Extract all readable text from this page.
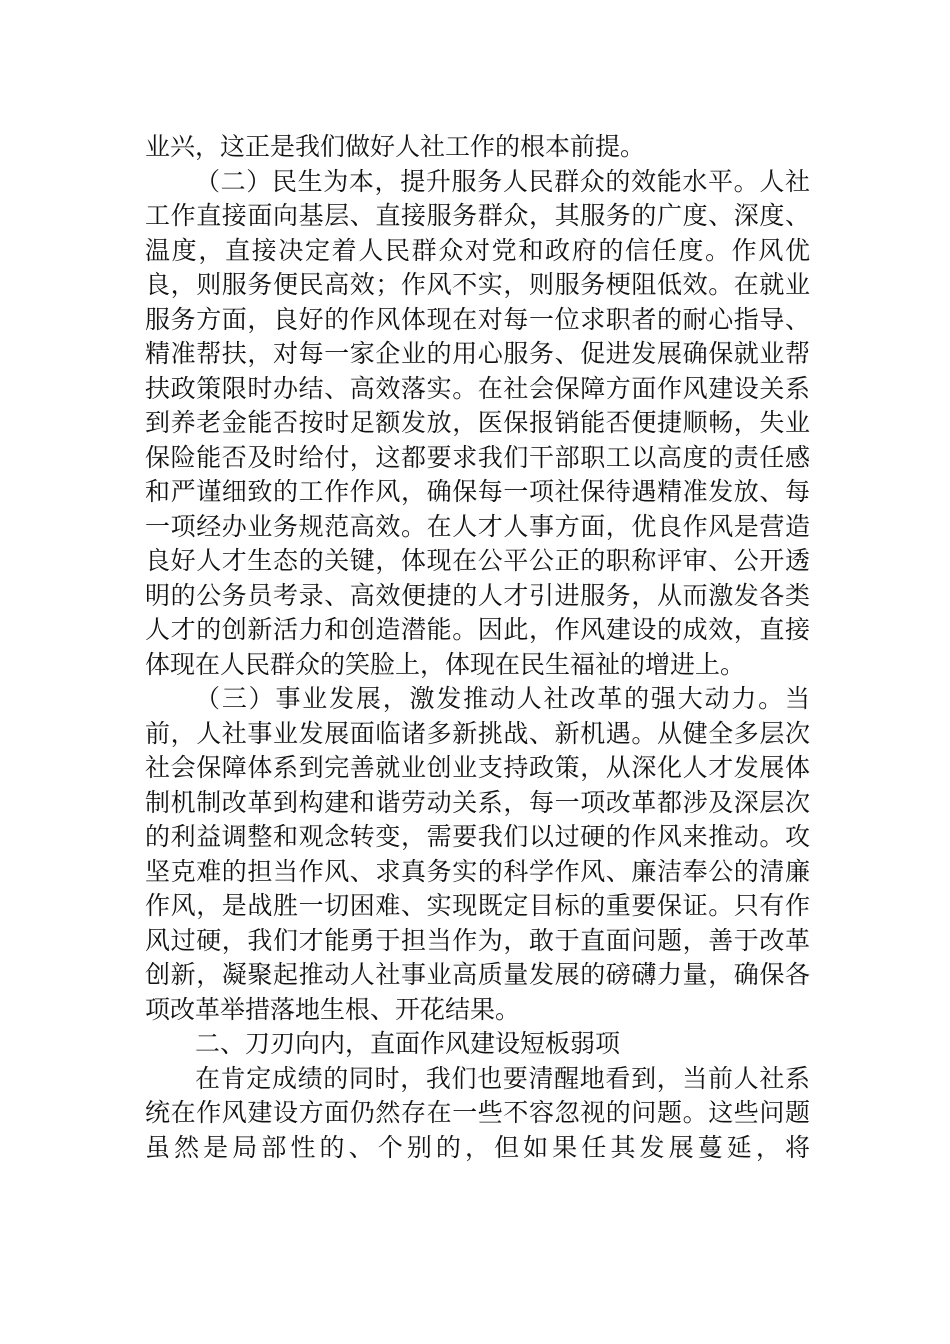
业兴，这正是我们做好人社工作的根本前提。

（二）民生为本，提升服务人民群众的效能水平。人社工作直接面向基层、直接服务群众，其服务的广度、深度、温度，直接决定着人民群众对党和政府的信任度。作风优良，则服务便民高效；作风不实，则服务梗阻低效。在就业服务方面，良好的作风体现在对每一位求职者的耐心指导、精准帮扶，对每一家企业的用心服务、促进发展确保就业帮扶政策限时办结、高效落实。在社会保障方面作风建设关系到养老金能否按时足额发放，医保报销能否便捷顺畅，失业保险能否及时给付，这都要求我们干部职工以高度的责任感和严谨细致的工作作风，确保每一项社保待遇精准发放、每一项经办业务规范高效。在人才人事方面，优良作风是营造良好人才生态的关键，体现在公平公正的职称评审、公开透明的公务员考录、高效便捷的人才引进服务，从而激发各类人才的创新活力和创造潜能。因此，作风建设的成效，直接体现在人民群众的笑脸上，体现在民生福祉的增进上。

（三）事业发展，激发推动人社改革的强大动力。当前，人社事业发展面临诸多新挑战、新机遇。从健全多层次社会保障体系到完善就业创业支持政策，从深化人才发展体制机制改革到构建和谐劳动关系，每一项改革都涉及深层次的利益调整和观念转变，需要我们以过硬的作风来推动。攻坚克难的担当作风、求真务实的科学作风、廉洁奉公的清廉作风，是战胜一切困难、实现既定目标的重要保证。只有作风过硬，我们才能勇于担当作为，敢于直面问题，善于改革创新，凝聚起推动人社事业高质量发展的磅礴力量，确保各项改革举措落地生根、开花结果。

二、刀刃向内，直面作风建设短板弱项

在肯定成绩的同时，我们也要清醒地看到，当前人社系统在作风建设方面仍然存在一些不容忽视的问题。这些问题虽然是局部性的、个别的，但如果任其发展蔓延，将
